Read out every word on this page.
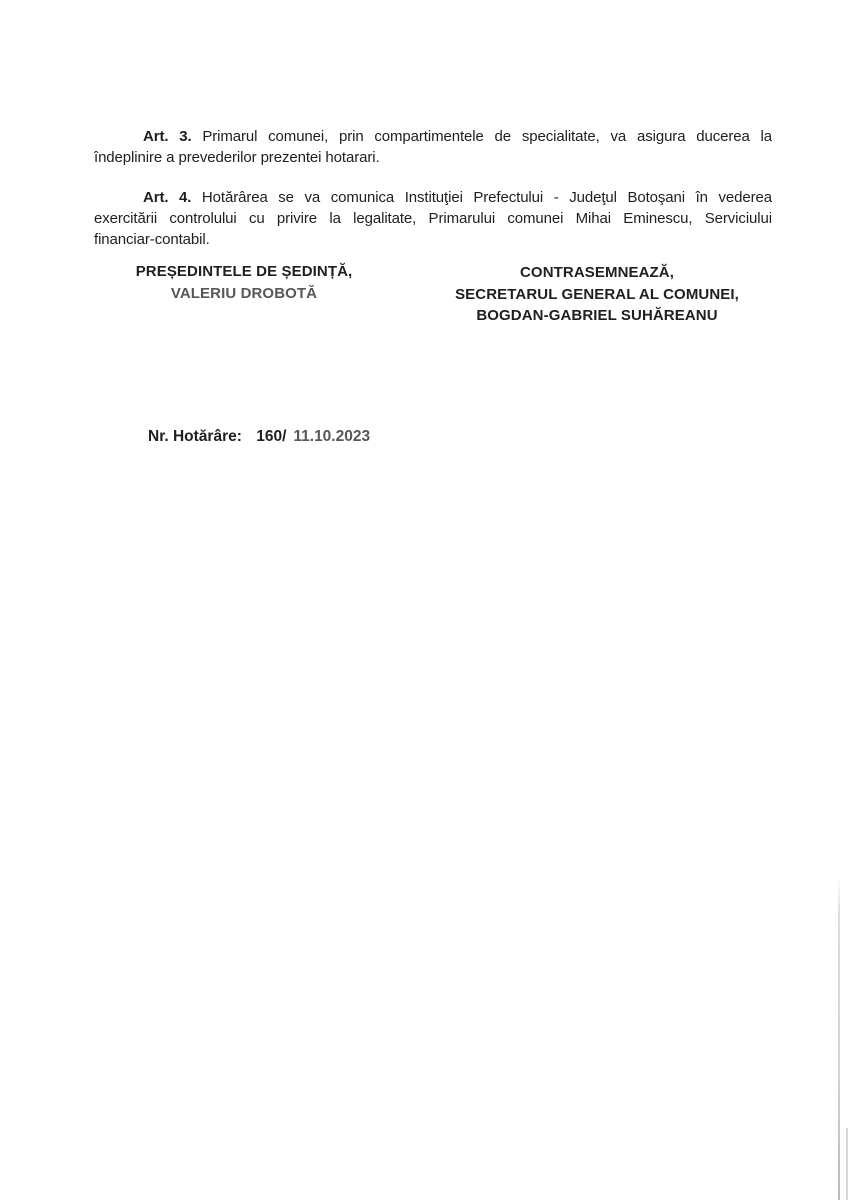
Art. 3. Primarul comunei, prin compartimentele de specialitate, va asigura ducerea la
îndeplinire a prevederilor prezentei hotarari.
Art. 4. Hotărârea se va comunica Instituţiei Prefectului - Judeţul Botoşani în vederea
exercitării controlului cu privire la legalitate, Primarului comunei Mihai Eminescu, Serviciului
financiar-contabil.
PREȘEDINTELE DE ȘEDINȚĂ,
VALERIU DROBOTĂ
CONTRASEMNEAZĂ,
SECRETARUL GENERAL AL COMUNEI,
BOGDAN-GABRIEL SUHĂREANU
Nr. Hotărâre: 160/ 11.10.2023
